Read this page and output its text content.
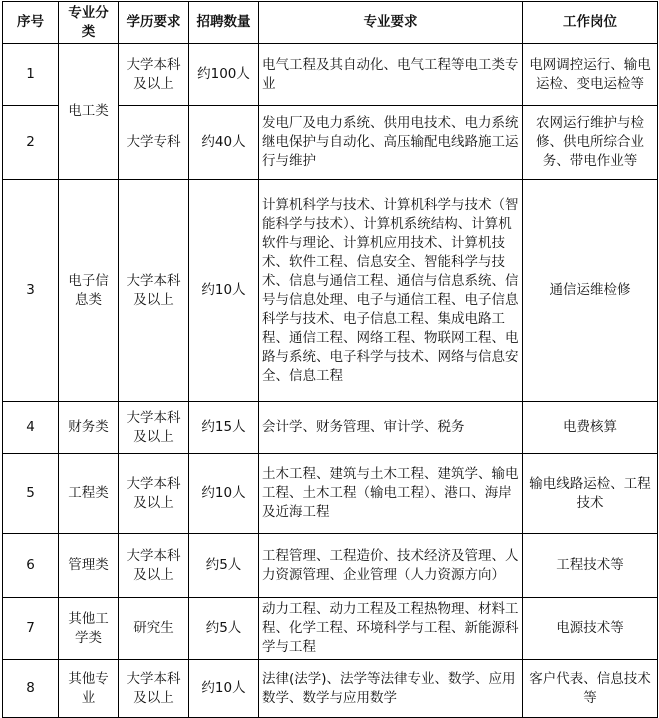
序号	专业分类	学历要求	招聘数量	专业要求	工作岗位
1	电工类	大学本科及以上	约100人	电气工程及其自动化、电气工程等电工类专业	电网调控运行、输电运检、变电运检等
2		大学专科	约40人	发电厂及电力系统、供用电技术、电力系统继电保护与自动化、高压输配电线路施工运行与维护	农网运行维护与检修、供电所综合业务、带电作业等
3	电子信息类	大学本科及以上	约10人	计算机科学与技术、计算机科学与技术（智能科学与技术）、计算机系统结构、计算机软件与理论、计算机应用技术、计算机技术、软件工程、信息安全、智能科学与技术、信息与通信工程、通信与信息系统、信号与信息处理、电子与通信工程、电子信息科学与技术、电子信息工程、集成电路工程、通信工程、网络工程、物联网工程、电路与系统、电子科学与技术、网络与信息安全、信息工程	通信运维检修
4	财务类	大学本科及以上	约15人	会计学、财务管理、审计学、税务	电费核算
5	工程类	大学本科及以上	约10人	土木工程、建筑与土木工程、建筑学、输电工程、土木工程（输电工程）、港口、海岸及近海工程	输电线路运检、工程技术
6	管理类	大学本科及以上	约5人	工程管理、工程造价、技术经济及管理、人力资源管理、企业管理（人力资源方向）	工程技术等
7	其他工学类	研究生	约5人	动力工程、动力工程及工程热物理、材料工程、化学工程、环境科学与工程、新能源科学与工程	电源技术等
8	其他专业	大学本科及以上	约10人	法律(法学)、法学等法律专业、数学、应用数学、数学与应用数学	客户代表、信息技术等
